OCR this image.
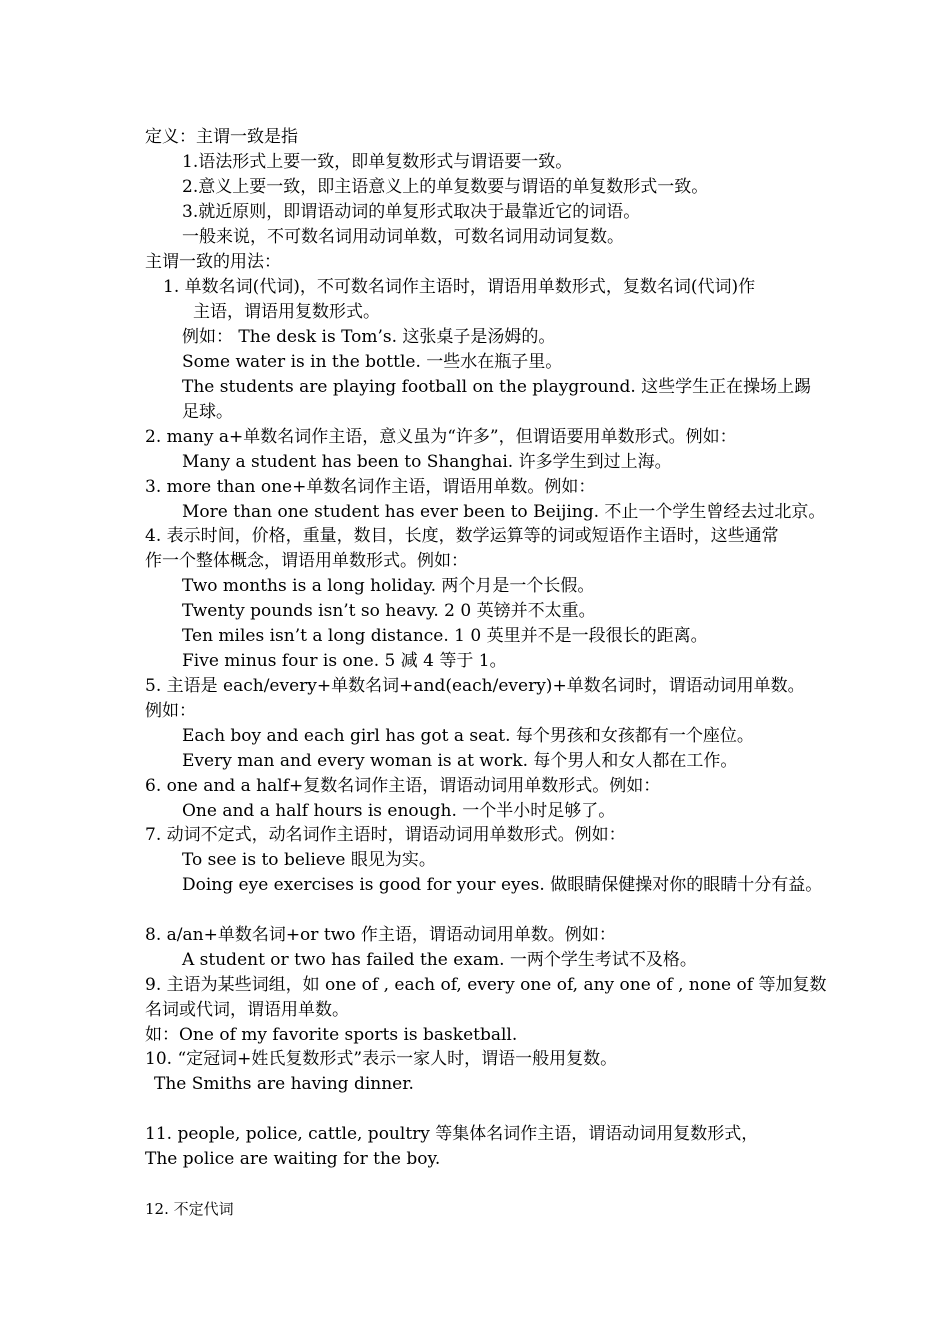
定义：主谓一致是指
1.语法形式上要一致，即单复数形式与谓语要一致。
2.意义上要一致，即主语意义上的单复数要与谓语的单复数形式一致。
3.就近原则，即谓语动词的单复形式取决于最靠近它的词语。
一般来说，不可数名词用动词单数，可数名词用动词复数。
主谓一致的用法：
1. 单数名词(代词)，不可数名词作主语时，谓语用单数形式，复数名词(代词)作
主语，谓语用复数形式。
例如： The desk is Tom’s. 这张桌子是汤姆的。
Some water is in the bottle. 一些水在瓶子里。
The students are playing football on the playground. 这些学生正在操场上踢
足球。
2. many a+单数名词作主语，意义虽为“许多”，但谓语要用单数形式。例如：
Many a student has been to Shanghai. 许多学生到过上海。
3. more than one+单数名词作主语，谓语用单数。例如：
More than one student has ever been to Beijing. 不止一个学生曾经去过北京。
4. 表示时间，价格，重量，数目，长度，数学运算等的词或短语作主语时，这些通常
作一个整体概念，谓语用单数形式。例如：
Two months is a long holiday. 两个月是一个长假。
Twenty pounds isn’t so heavy. 2 0 英镑并不太重。
Ten miles isn’t a long distance. 1 0 英里并不是一段很长的距离。
Five minus four is one. 5 减 4 等于 1。
5. 主语是 each/every+单数名词+and(each/every)+单数名词时，谓语动词用单数。
例如：
Each boy and each girl has got a seat. 每个男孩和女孩都有一个座位。
Every man and every woman is at work. 每个男人和女人都在工作。
6. one and a half+复数名词作主语，谓语动词用单数形式。例如：
One and a half hours is enough. 一个半小时足够了。
7. 动词不定式，动名词作主语时，谓语动词用单数形式。例如：
To see is to believe 眼见为实。
Doing eye exercises is good for your eyes. 做眼睛保健操对你的眼睛十分有益。
8. a/an+单数名词+or two 作主语，谓语动词用单数。例如：
A student or two has failed the exam. 一两个学生考试不及格。
9. 主语为某些词组，如 one of , each of, every one of, any one of , none of 等加复数
名词或代词，谓语用单数。
如：One of my favorite sports is basketball.
10. “定冠词+姓氏复数形式”表示一家人时，谓语一般用复数。
The Smiths are having dinner.
11. people, police, cattle, poultry 等集体名词作主语，谓语动词用复数形式，
The police are waiting for the boy.
12. 不定代词
